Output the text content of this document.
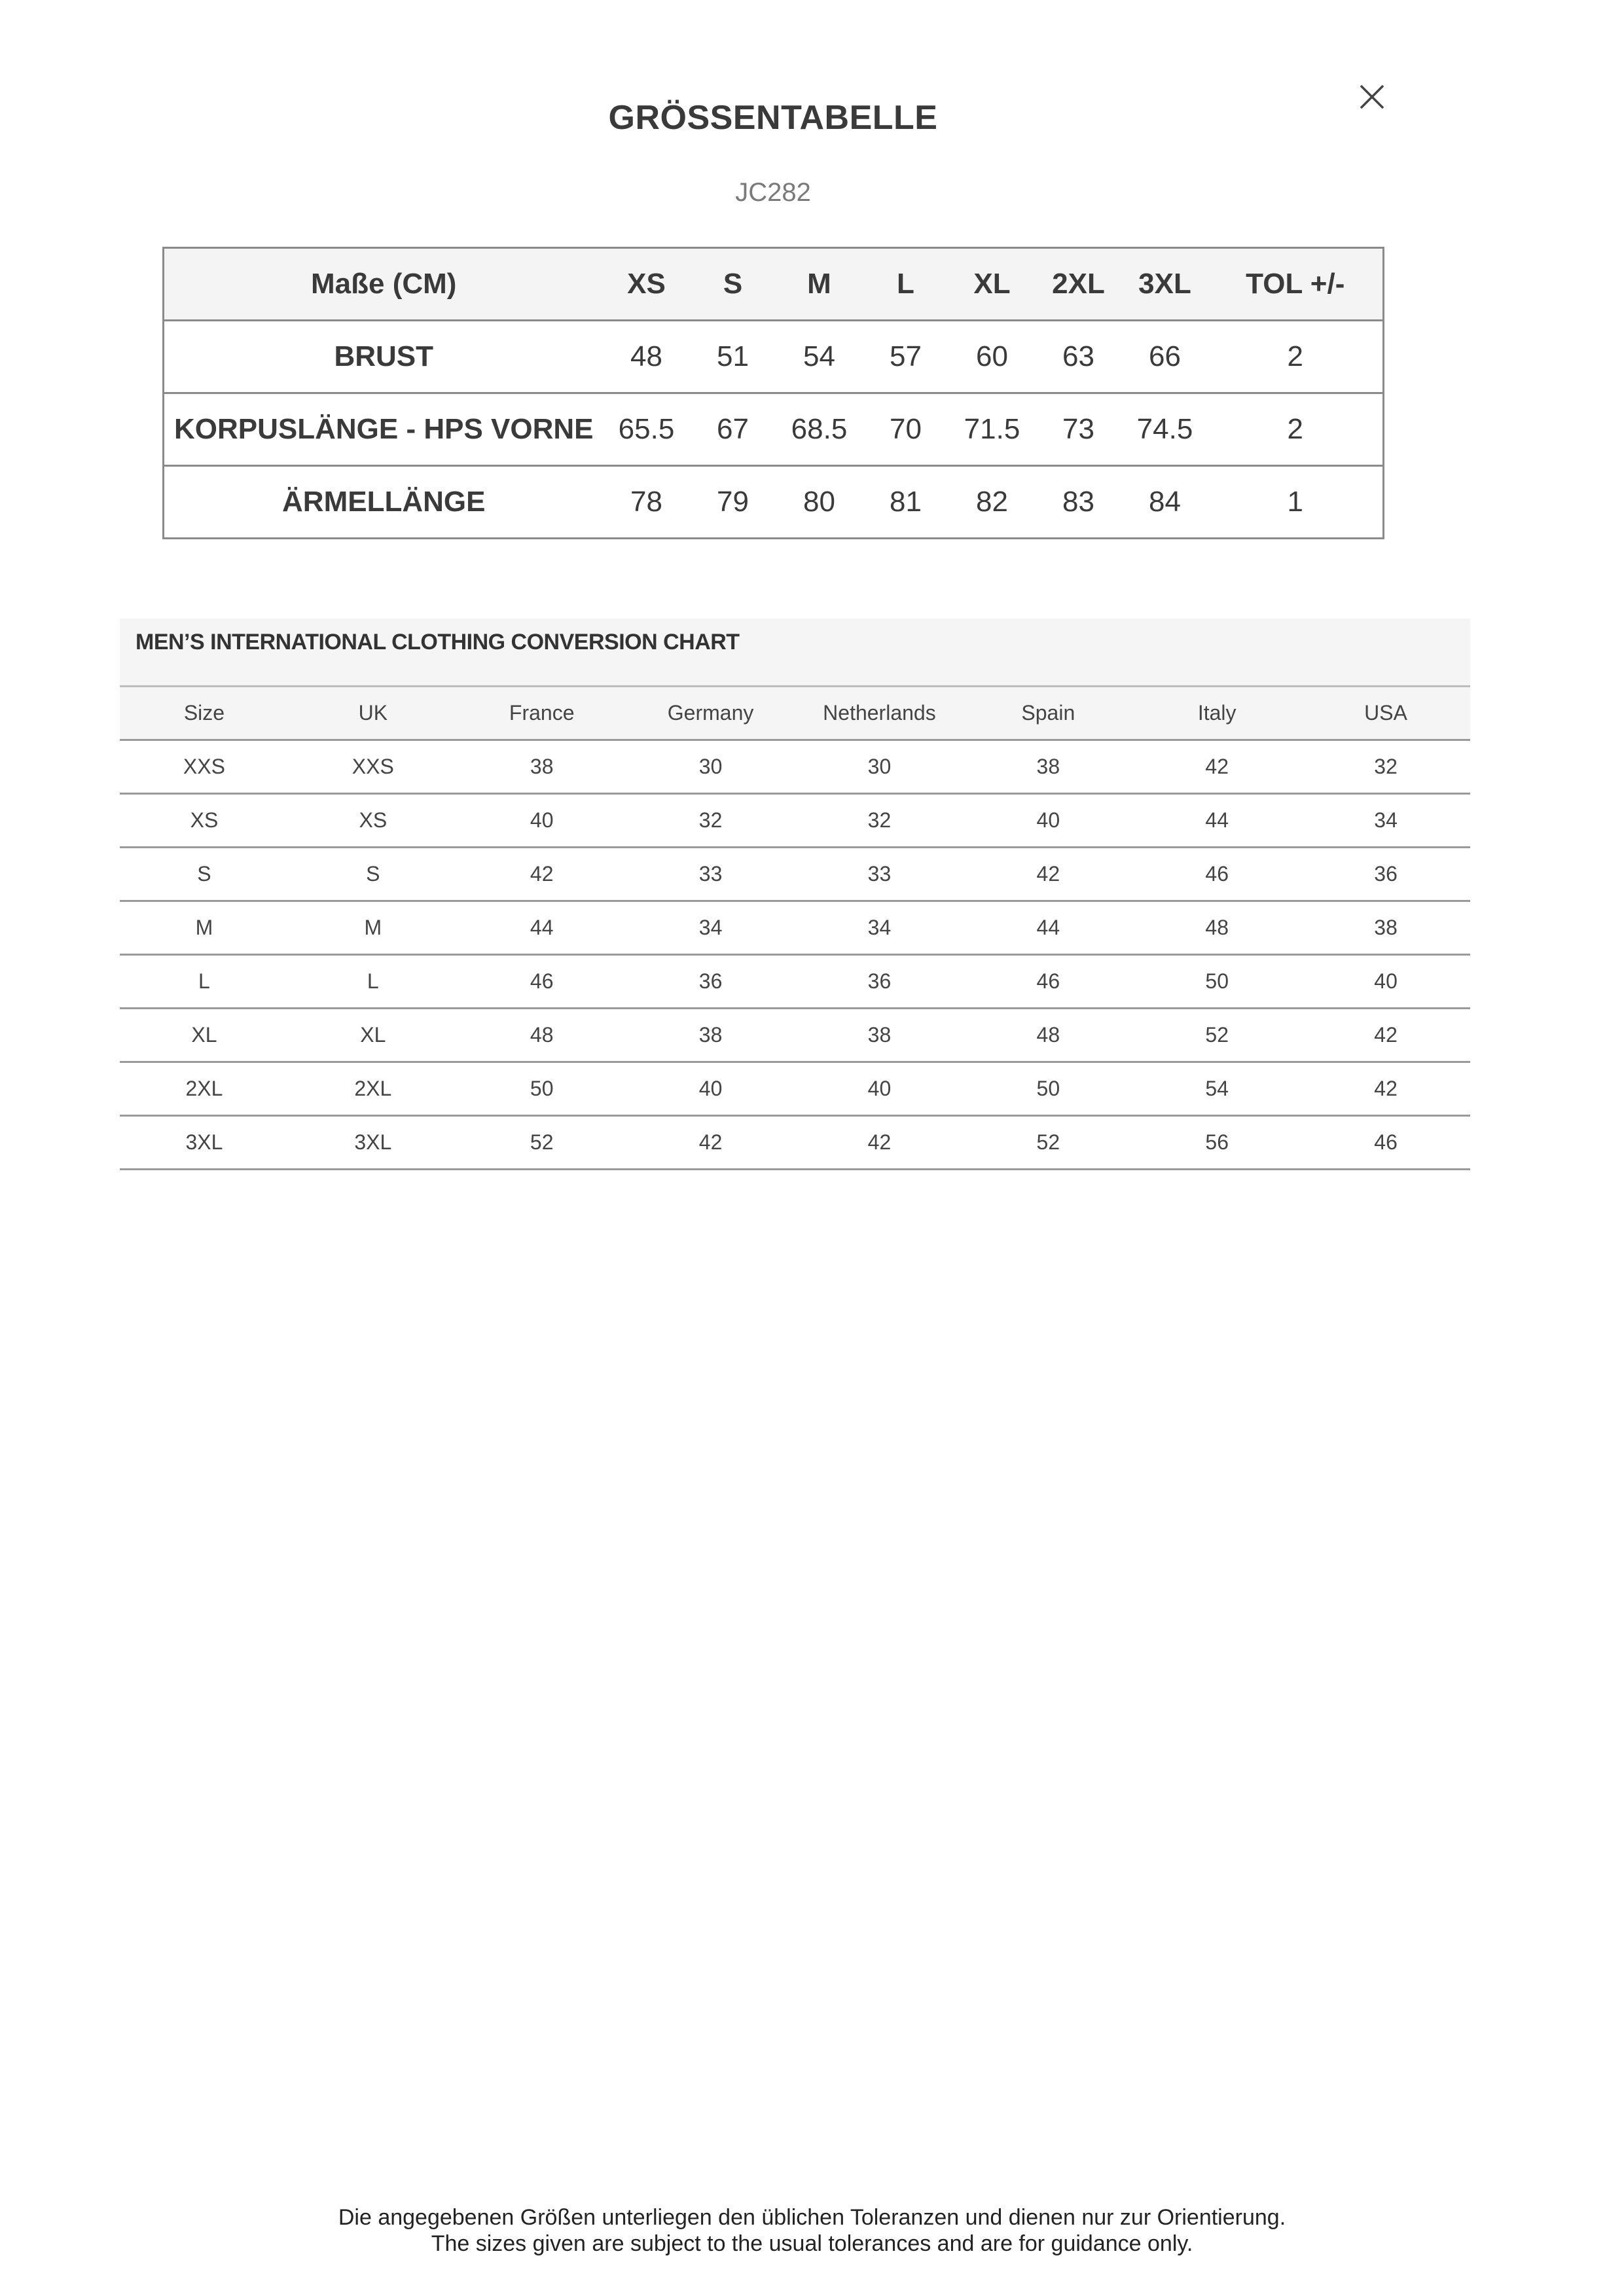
GRÖSSENTABELLE
JC282
Maße (CM)	XS	S	M	L	XL	2XL	3XL	TOL +/-
BRUST	48	51	54	57	60	63	66	2
KORPUSLÄNGE - HPS VORNE	65.5	67	68.5	70	71.5	73	74.5	2
ÄRMELLÄNGE	78	79	80	81	82	83	84	1
MEN’S INTERNATIONAL CLOTHING CONVERSION CHART
Size	UK	France	Germany	Netherlands	Spain	Italy	USA
XXS	XXS	38	30	30	38	42	32
XS	XS	40	32	32	40	44	34
S	S	42	33	33	42	46	36
M	M	44	34	34	44	48	38
L	L	46	36	36	46	50	40
XL	XL	48	38	38	48	52	42
2XL	2XL	50	40	40	50	54	42
3XL	3XL	52	42	42	52	56	46
Die angegebenen Größen unterliegen den üblichen Toleranzen und dienen nur zur Orientierung.
The sizes given are subject to the usual tolerances and are for guidance only.
